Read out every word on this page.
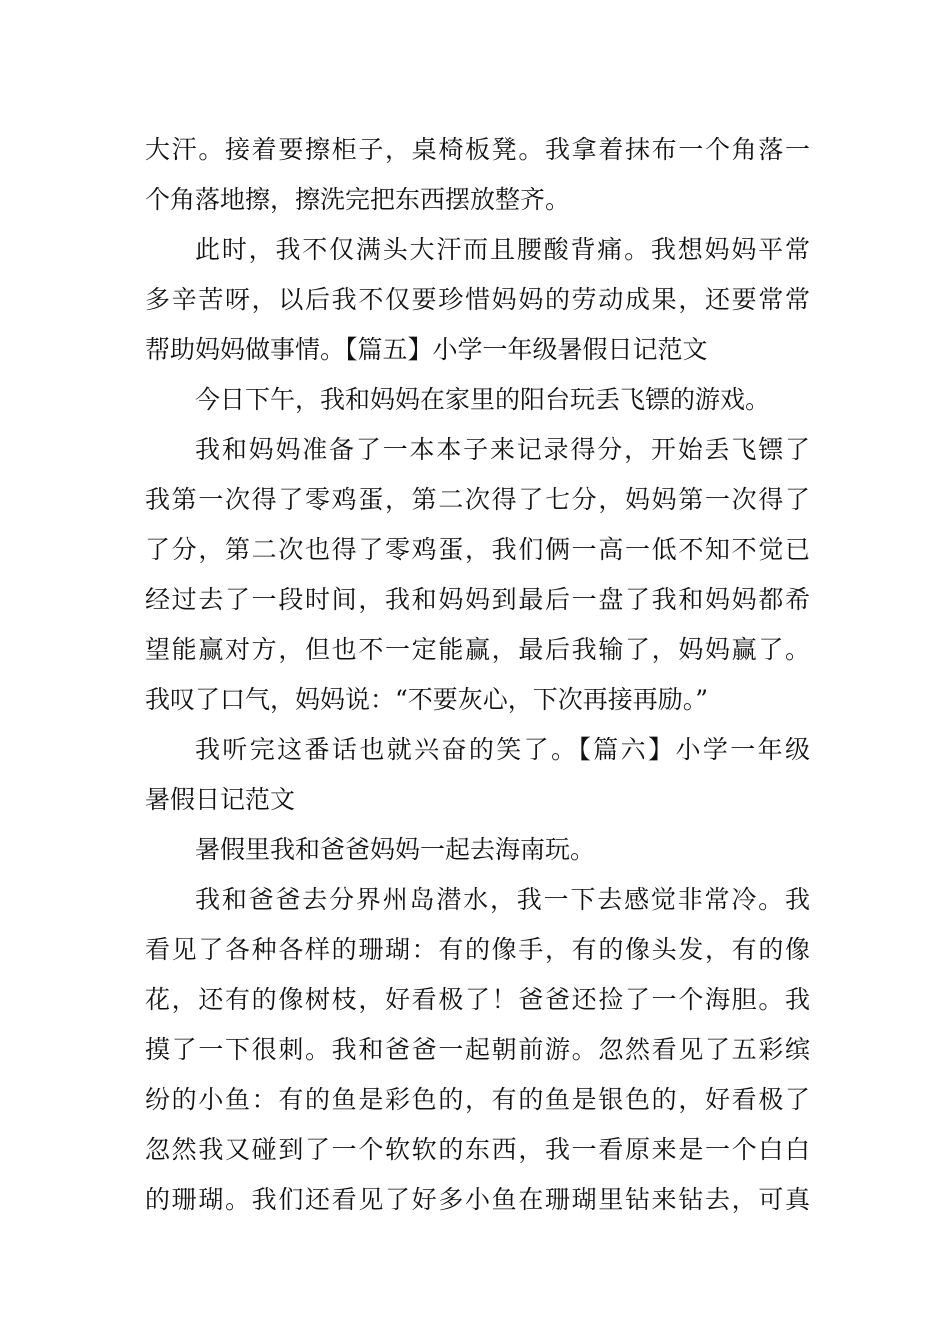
大汗。接着要擦柜子，桌椅板凳。我拿着抹布一个角落一
个角落地擦，擦洗完把东西摆放整齐。
此时，我不仅满头大汗而且腰酸背痛。我想妈妈平常
多辛苦呀，以后我不仅要珍惜妈妈的劳动成果，还要常常
帮助妈妈做事情。【篇五】小学一年级暑假日记范文
今日下午，我和妈妈在家里的阳台玩丢飞镖的游戏。
我和妈妈准备了一本本子来记录得分，开始丢飞镖了
我第一次得了零鸡蛋，第二次得了七分，妈妈第一次得了
了分，第二次也得了零鸡蛋，我们俩一高一低不知不觉已
经过去了一段时间，我和妈妈到最后一盘了我和妈妈都希
望能赢对方，但也不一定能赢，最后我输了，妈妈赢了。
我叹了口气，妈妈说：“不要灰心，下次再接再励。”
我听完这番话也就兴奋的笑了。【篇六】小学一年级
暑假日记范文
暑假里我和爸爸妈妈一起去海南玩。
我和爸爸去分界州岛潜水，我一下去感觉非常冷。我
看见了各种各样的珊瑚：有的像手，有的像头发，有的像
花，还有的像树枝，好看极了！爸爸还捡了一个海胆。我
摸了一下很刺。我和爸爸一起朝前游。忽然看见了五彩缤
纷的小鱼：有的鱼是彩色的，有的鱼是银色的，好看极了
忽然我又碰到了一个软软的东西，我一看原来是一个白白
的珊瑚。我们还看见了好多小鱼在珊瑚里钻来钻去，可真
